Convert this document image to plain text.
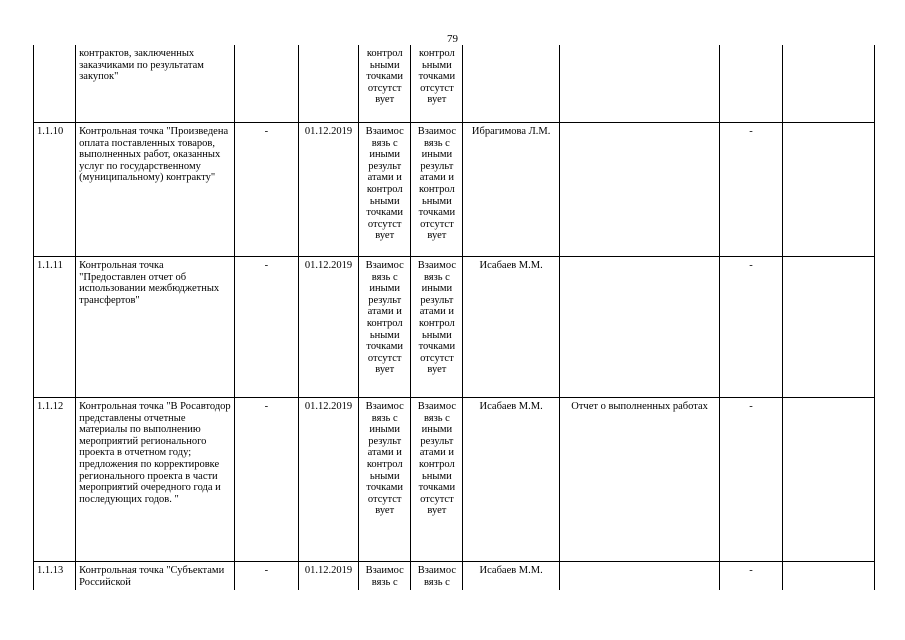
79
	контрактов, заключенных заказчиками по результатам закупок"			контрол ьными точками отсутст вует	контрол ьными точками отсутст вует				
1.1.10	Контрольная точка "Произведена оплата поставленных товаров, выполненных работ, оказанных услуг по государственному (муниципальному) контракту"	-	01.12.2019	Взаимос вязь с иными результ атами и контрол ьными точками отсутст вует	Взаимос вязь с иными результ атами и контрол ьными точками отсутст вует	Ибрагимова Л.М.		-	
1.1.11	Контрольная точка "Предоставлен отчет об использовании межбюджетных трансфертов"	-	01.12.2019	Взаимос вязь с иными результ атами и контрол ьными точками отсутст вует	Взаимос вязь с иными результ атами и контрол ьными точками отсутст вует	Исабаев М.М.		-	
1.1.12	Контрольная точка "В Росавтодор представлены отчетные материалы по выполнению мероприятий регионального проекта в отчетном году; предложения по корректировке регионального проекта в части мероприятий очередного года и последующих годов. "	-	01.12.2019	Взаимос вязь с иными результ атами и контрол ьными точками отсутст вует	Взаимос вязь с иными результ атами и контрол ьными точками отсутст вует	Исабаев М.М.	Отчет о выполненных работах	-	
1.1.13	Контрольная точка "Субъектами Российской	-	01.12.2019	Взаимос вязь с	Взаимос вязь с	Исабаев М.М.		-	
